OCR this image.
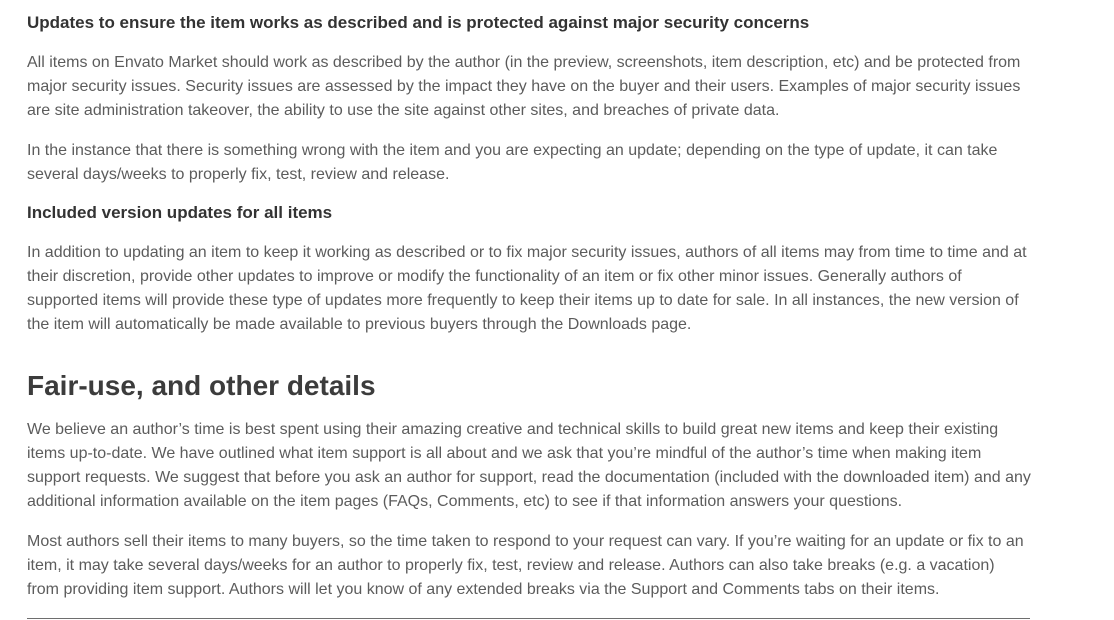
Updates to ensure the item works as described and is protected against major security concerns

All items on Envato Market should work as described by the author (in the preview, screenshots, item description, etc) and be protected from major security issues. Security issues are assessed by the impact they have on the buyer and their users. Examples of major security issues are site administration takeover, the ability to use the site against other sites, and breaches of private data.

In the instance that there is something wrong with the item and you are expecting an update; depending on the type of update, it can take several days/weeks to properly fix, test, review and release.

Included version updates for all items

In addition to updating an item to keep it working as described or to fix major security issues, authors of all items may from time to time and at their discretion, provide other updates to improve or modify the functionality of an item or fix other minor issues. Generally authors of supported items will provide these type of updates more frequently to keep their items up to date for sale. In all instances, the new version of the item will automatically be made available to previous buyers through the Downloads page.

Fair-use, and other details

We believe an author’s time is best spent using their amazing creative and technical skills to build great new items and keep their existing items up-to-date. We have outlined what item support is all about and we ask that you’re mindful of the author’s time when making item support requests. We suggest that before you ask an author for support, read the documentation (included with the downloaded item) and any additional information available on the item pages (FAQs, Comments, etc) to see if that information answers your questions.

Most authors sell their items to many buyers, so the time taken to respond to your request can vary. If you’re waiting for an update or fix to an item, it may take several days/weeks for an author to properly fix, test, review and release. Authors can also take breaks (e.g. a vacation) from providing item support. Authors will let you know of any extended breaks via the Support and Comments tabs on their items.
